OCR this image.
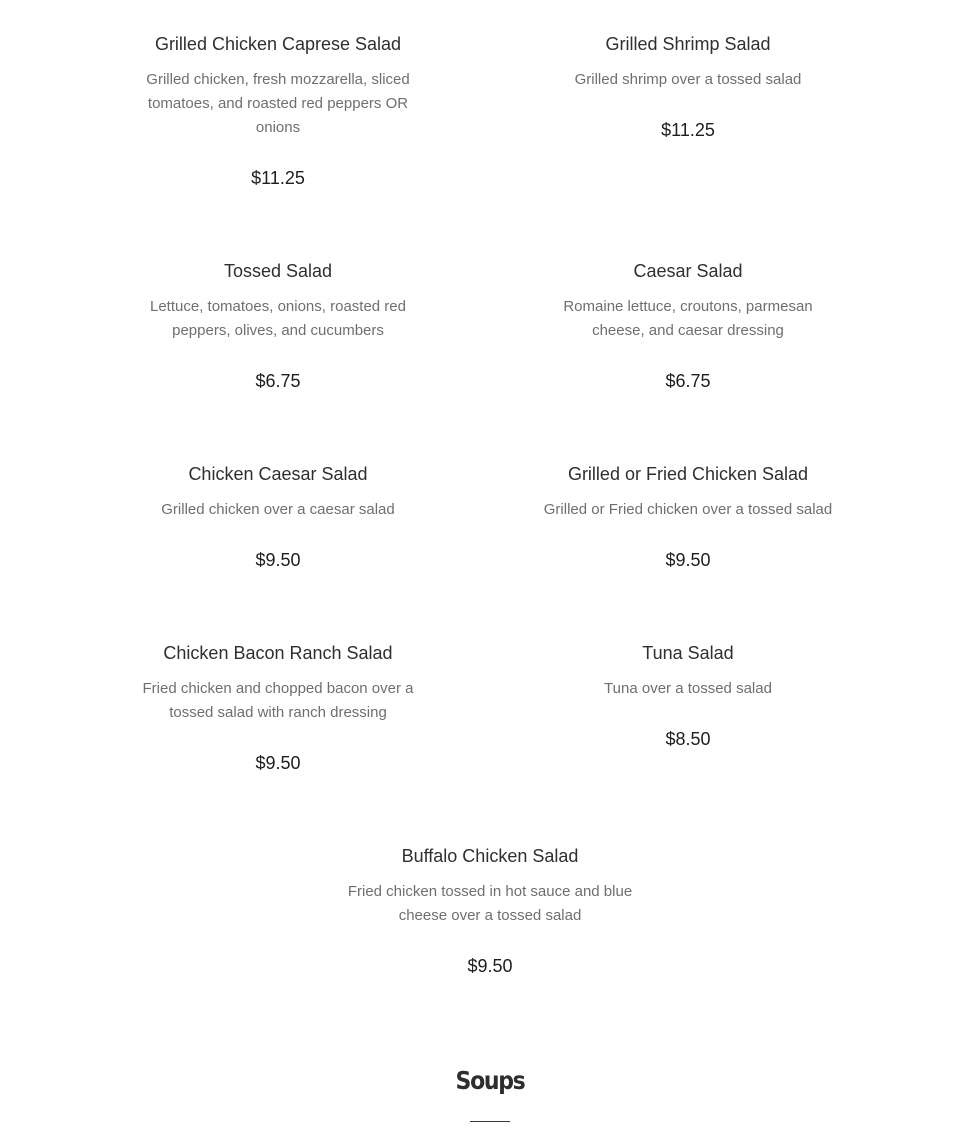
Grilled Chicken Caprese Salad

Grilled chicken, fresh mozzarella, sliced tomatoes, and roasted red peppers OR onions

$11.25

Grilled Shrimp Salad

Grilled shrimp over a tossed salad

$11.25

Tossed Salad

Lettuce, tomatoes, onions, roasted red peppers, olives, and cucumbers

$6.75

Caesar Salad

Romaine lettuce, croutons, parmesan cheese, and caesar dressing

$6.75

Chicken Caesar Salad

Grilled chicken over a caesar salad

$9.50

Grilled or Fried Chicken Salad

Grilled or Fried chicken over a tossed salad

$9.50

Chicken Bacon Ranch Salad

Fried chicken and chopped bacon over a tossed salad with ranch dressing

$9.50

Tuna Salad

Tuna over a tossed salad

$8.50

Buffalo Chicken Salad

Fried chicken tossed in hot sauce and blue cheese over a tossed salad

$9.50

Soups
